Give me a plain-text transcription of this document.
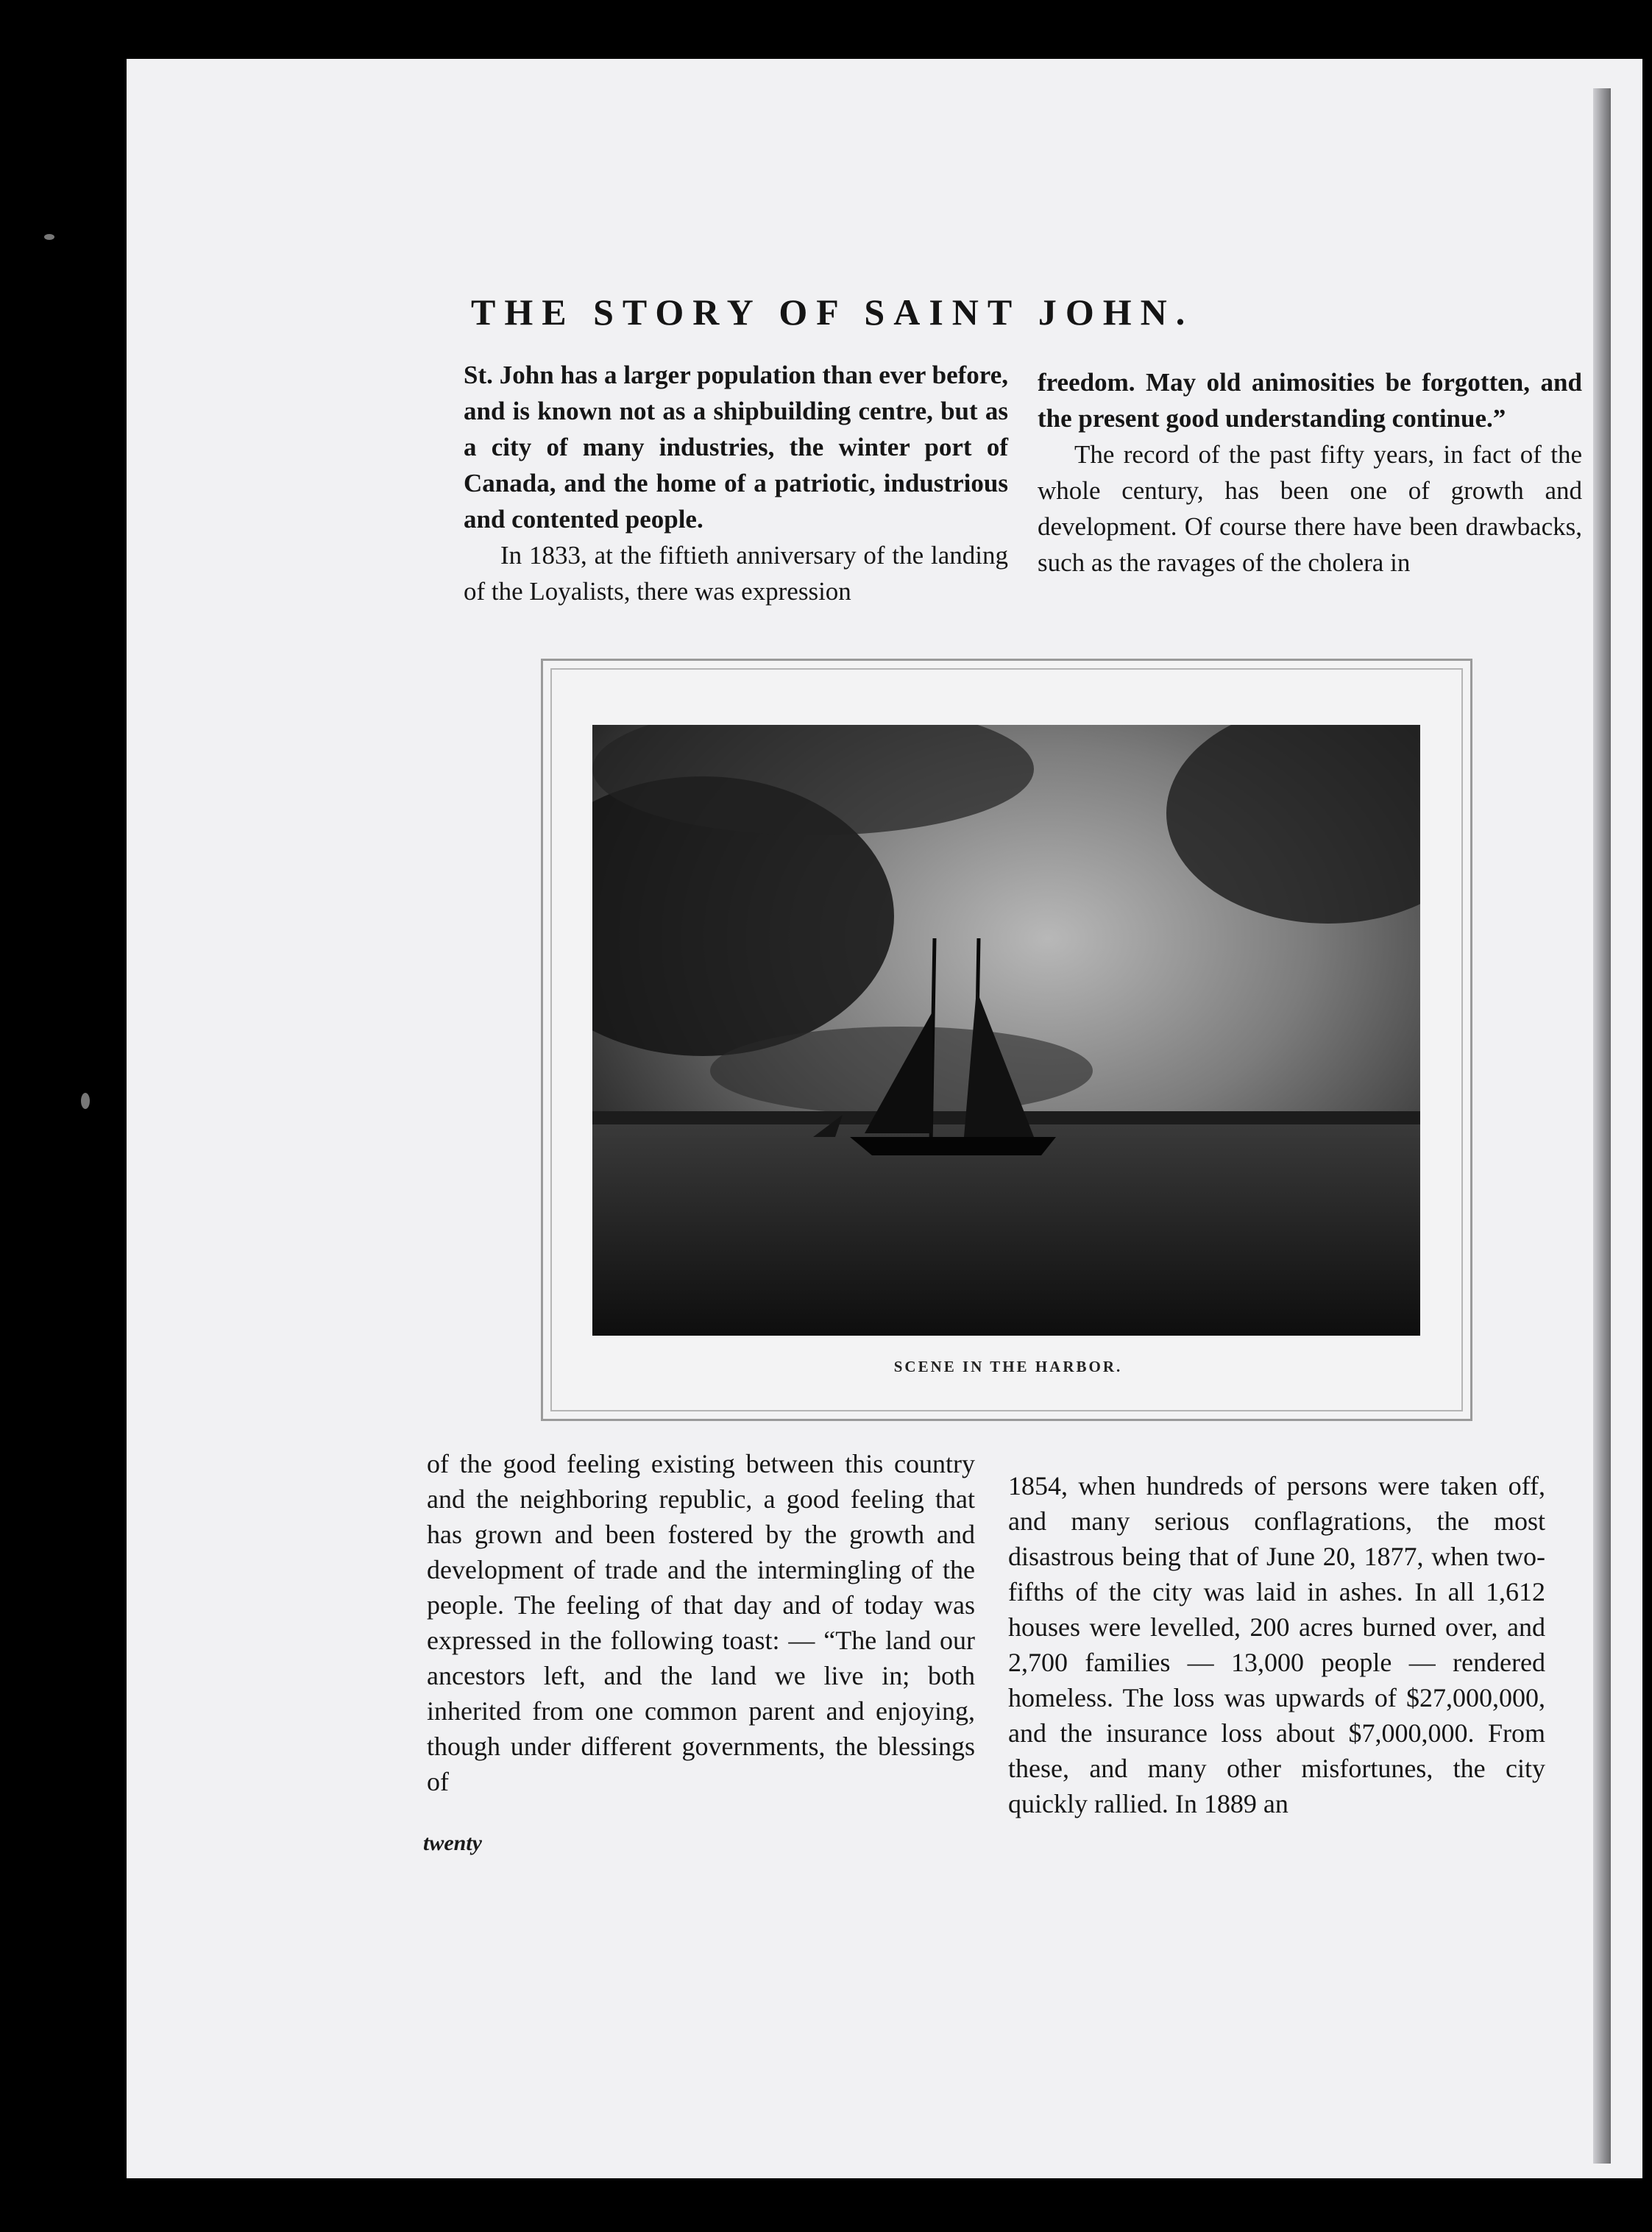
THE STORY OF SAINT JOHN.

St. John has a larger population than ever before, and is known not as a shipbuilding centre, but as a city of many industries, the winter port of Canada, and the home of a patriotic, industrious and contented people.

In 1833, at the fiftieth anniversary of the landing of the Loyalists, there was expression

freedom. May old animosities be forgotten, and the present good understanding continue.”

The record of the past fifty years, in fact of the whole century, has been one of growth and development. Of course there have been drawbacks, such as the ravages of the cholera in

SCENE IN THE HARBOR.

of the good feeling existing between this country and the neighboring republic, a good feeling that has grown and been fostered by the growth and development of trade and the intermingling of the people. The feeling of that day and of today was expressed in the following toast: — “The land our ancestors left, and the land we live in; both inherited from one common parent and enjoying, though under different governments, the blessings of

1854, when hundreds of persons were taken off, and many serious conflagrations, the most disastrous being that of June 20, 1877, when two-fifths of the city was laid in ashes. In all 1,612 houses were levelled, 200 acres burned over, and 2,700 families — 13,000 people — rendered homeless. The loss was upwards of $27,000,000, and the insurance loss about $7,000,000. From these, and many other misfortunes, the city quickly rallied. In 1889 an

twenty
